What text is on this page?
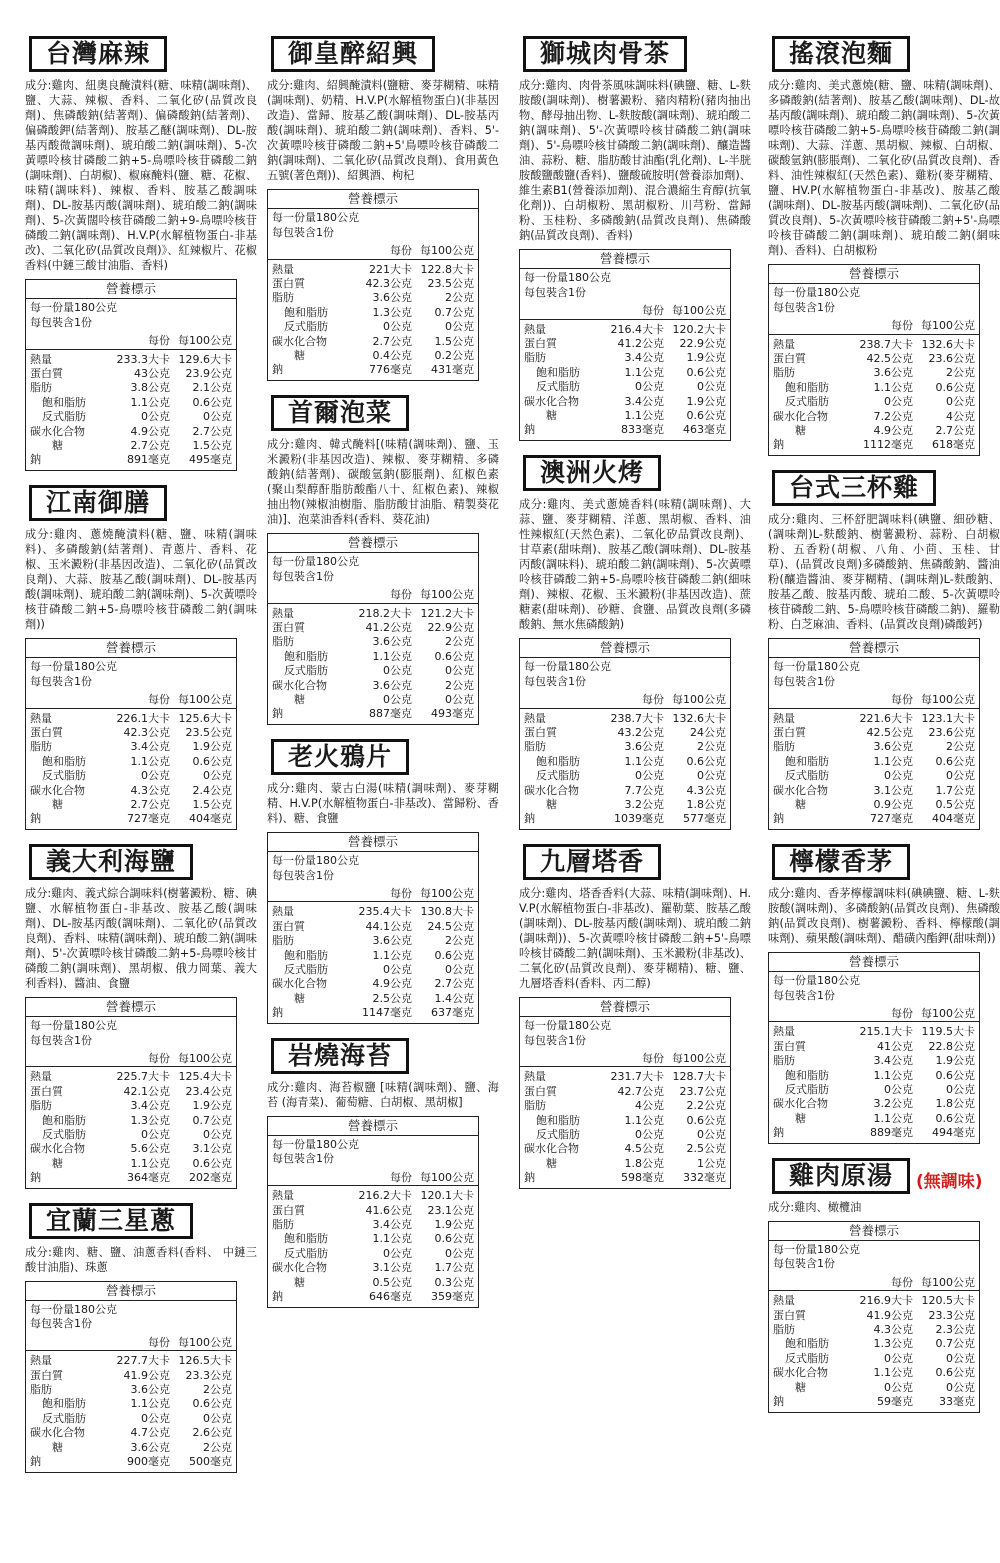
台灣麻辣
成分:雞肉、紐奧良醃漬料(糖、味精(調味劑)、鹽、大蒜、辣椒、香料、二氧化矽(品質改良劑)、焦磷酸鈉(結著劑)、偏磷酸鈉(結著劑)、偏磷酸鉀(結著劑)、胺基乙醚(調味劑)、DL-胺基丙酸微調味劑)、琥珀酸二鈉(調味劑)、5-次黃嘌呤核甘磷酸二鈉+5-鳥嘌呤核苷磷酸二鈉(調味劑)、白胡椒)、椒麻醃料(鹽、糖、花椒、味精(調味料)、辣椒、香料、胺基乙酸調味劑)、DL-胺基丙酸(調味劑)、琥珀酸二鈉(調味劑)、5-次黃闊呤核苷磷酸二鈉+9-鳥嘌呤核苷磷酸二鈉(調味劑)、H.V.P(水解植物蛋白-非基改)、二氧化矽(品質改良劑)》、紅辣椒片、花椒香料(中鏈三酸甘油脂、香料)
營養標示		
每一份量180公克		
每包裝含1份		
	每份	每100公克
熱量	233.3大卡	129.6大卡
蛋白質	43公克	23.9公克
脂肪	3.8公克	2.1公克
飽和脂肪	1.1公克	0.6公克
反式脂肪	0公克	0公克
碳水化合物	4.9公克	2.7公克
糖	2.7公克	1.5公克
鈉	891毫克	495毫克
江南御膳
成分:雞肉、蔥燒醃漬料(糖、鹽、味精(調味料)、多磷酸鈉(結著劑)、青蔥片、香料、花椒、玉米澱粉(非基因改造)、二氧化矽(品質改良劑)、大蒜、胺基乙酸(調味劑)、DL-胺基丙酸(調味劑)、琥珀酸二鈉(調味劑)、5-次黃嘌呤核苷磷酸二鈉+5-鳥嘌呤核苷磷酸二鈉(調味劑))
營養標示		
每一份量180公克		
每包裝含1份		
	每份	每100公克
熱量	226.1大卡	125.6大卡
蛋白質	42.3公克	23.5公克
脂肪	3.4公克	1.9公克
飽和脂肪	1.1公克	0.6公克
反式脂肪	0公克	0公克
碳水化合物	4.3公克	2.4公克
糖	2.7公克	1.5公克
鈉	727毫克	404毫克
義大利海鹽
成分:雞肉、義式綜合調味料(樹薯澱粉、糖、碘鹽、水解植物蛋白-非基改、胺基乙酸(調味劑)、DL-胺基丙酸(調味劑)、二氧化矽(品質改良劑)、香料、味精(調味劑)、琥珀酸二鈉(調味劑)、5'-次黃嘌呤核甘磷酸二鈉+5-鳥嘌呤核甘磷酸二鈉(調味劑)、黑胡椒、俄力岡葉、義大利香料)、醬油、食鹽
營養標示		
每一份量180公克		
每包裝含1份		
	每份	每100公克
熱量	225.7大卡	125.4大卡
蛋白質	42.1公克	23.4公克
脂肪	3.4公克	1.9公克
飽和脂肪	1.3公克	0.7公克
反式脂肪	0公克	0公克
碳水化合物	5.6公克	3.1公克
糖	1.1公克	0.6公克
鈉	364毫克	202毫克
宜蘭三星蔥
成分:雞肉、糖、鹽、油蔥香料(香料、 中鏈三酸甘油脂)、珠蔥
營養標示		
每一份量180公克		
每包裝含1份		
	每份	每100公克
熱量	227.7大卡	126.5大卡
蛋白質	41.9公克	23.3公克
脂肪	3.6公克	2公克
飽和脂肪	1.1公克	0.6公克
反式脂肪	0公克	0公克
碳水化合物	4.7公克	2.6公克
糖	3.6公克	2公克
鈉	900毫克	500毫克
御皇醉紹興
成分:雞肉、紹興醃漬料(鹽糖、麥芽糊精、味精(調味劑)、奶精、H.V.P(水解植物蛋白)(非基因改造)、當歸、胺基乙酸(調味劑)、DL-胺基丙酸(調味劑)、琥珀酸二鈉(調味劑)、香料、5'-次黃嘌呤核苷磷酸二鈉+5'鳥嘌呤核苷磷酸二鈉(調味劑)、二氧化矽(品質改良劑)、食用黃色五號(著色劑))、紹興酒、枸杞
營養標示		
每一份量180公克		
每包裝含1份		
	每份	每100公克
熱量	221大卡	122.8大卡
蛋白質	42.3公克	23.5公克
脂肪	3.6公克	2公克
飽和脂肪	1.3公克	0.7公克
反式脂肪	0公克	0公克
碳水化合物	2.7公克	1.5公克
糖	0.4公克	0.2公克
鈉	776毫克	431毫克
首爾泡菜
成分:雞肉、韓式醃料[(味精(調味劑)、鹽、玉米澱粉(非基因改造)、辣椒、麥芽糊精、多磷酸鈉(結著劑)、碳酸氫鈉(膨脹劑)、紅椒色素(聚山梨醇酐脂肪酸酯八十、紅椒色素)、辣椒抽出物(辣椒油樹脂、脂肪酸甘油脂、精製葵花油)]、泡菜油香料(香料、葵花油)
營養標示		
每一份量180公克		
每包裝含1份		
	每份	每100公克
熱量	218.2大卡	121.2大卡
蛋白質	41.2公克	22.9公克
脂肪	3.6公克	2公克
飽和脂肪	1.1公克	0.6公克
反式脂肪	0公克	0公克
碳水化合物	3.6公克	2公克
糖	0公克	0公克
鈉	887毫克	493毫克
老火鴉片
成分:雞肉、蒙古白湯(味精(調味劑)、麥芽糊精、H.V.P(水解植物蛋白-非基改)、當歸粉、香料)、糖、食鹽
營養標示		
每一份量180公克		
每包裝含1份		
	每份	每100公克
熱量	235.4大卡	130.8大卡
蛋白質	44.1公克	24.5公克
脂肪	3.6公克	2公克
飽和脂肪	1.1公克	0.6公克
反式脂肪	0公克	0公克
碳水化合物	4.9公克	2.7公克
糖	2.5公克	1.4公克
鈉	1147毫克	637毫克
岩燒海苔
成分:雞肉、海苔椒鹽 [味精(調味劑)、鹽、海苔 (海青菜)、葡萄糖、白胡椒、黑胡椒]
營養標示		
每一份量180公克		
每包裝含1份		
	每份	每100公克
熱量	216.2大卡	120.1大卡
蛋白質	41.6公克	23.1公克
脂肪	3.4公克	1.9公克
飽和脂肪	1.1公克	0.6公克
反式脂肪	0公克	0公克
碳水化合物	3.1公克	1.7公克
糖	0.5公克	0.3公克
鈉	646毫克	359毫克
獅城肉骨茶
成分:雞肉、肉骨茶風味調味料(碘鹽、糖、L-麩胺酸(調味劑)、樹薯澱粉、豬肉精粉(豬肉抽出物、酵母抽出物、L-麩胺酸(調味劑)、琥珀酸二鈉(調味劑)、5'-次黃嘌呤核甘磷酸二鈉(調味劑)、5'-鳥嘌呤核甘磷酸二鈉(調味劑)、釀造醬油、蒜粉、糖、脂肪酸甘油酯(乳化劑)、L-半胱胺酸鹽酸鹽(香料)、鹽酸硫胺明(營養添加劑)、維生素B1(營養添加劑)、混合濃縮生育醇(抗氧化劑))、白胡椒粉、黑胡椒粉、川芎粉、當歸粉、玉桂粉、多磷酸鈉(品質改良劑)、焦磷酸鈉(品質改良劑)、香料)
營養標示		
每一份量180公克		
每包裝含1份		
	每份	每100公克
熱量	216.4大卡	120.2大卡
蛋白質	41.2公克	22.9公克
脂肪	3.4公克	1.9公克
飽和脂肪	1.1公克	0.6公克
反式脂肪	0公克	0公克
碳水化合物	3.4公克	1.9公克
糖	1.1公克	0.6公克
鈉	833毫克	463毫克
澳洲火烤
成分:雞肉、美式蔥燒香料(味精(調味劑)、大蒜、鹽、麥芽糊精、洋蔥、黑胡椒、香料、油性辣椒紅(天然色素)、二氧化矽品質改良劑)、甘草素(甜味劑)、胺基乙酸(調味劑)、DL-胺基丙酸(調味料)、琥珀酸二鈉(調味劑)、5-次黃嘌呤核苷磷酸二鈉+5-鳥嘌呤核苷磷酸二鈉(細味劑)、辣椒、花椒、玉米澱粉(非基因改造)、蔗糖素(甜味劑)、砂糖、食鹽、品質改良劑(多磷酸鈉、無水焦磷酸鈉)
營養標示		
每一份量180公克		
每包裝含1份		
	每份	每100公克
熱量	238.7大卡	132.6大卡
蛋白質	43.2公克	24公克
脂肪	3.6公克	2公克
飽和脂肪	1.1公克	0.6公克
反式脂肪	0公克	0公克
碳水化合物	7.7公克	4.3公克
糖	3.2公克	1.8公克
鈉	1039毫克	577毫克
九層塔香
成分:雞肉、塔香香料(大蒜、味精(調味劑)、H.V.P(水解植物蛋白-非基改)、羅勒葉、胺基乙酸(調味劑)、DL-胺基丙酸(調味劑)、琥珀酸二鈉(調味劑))、5-次黃嘌呤核甘磷酸二鈉+5'-鳥嘌呤核甘磷酸二鈉(調味劑)、玉米澱粉(非基改)、二氧化矽(品質改良劑)、麥芽糊精)、糖、鹽、九層塔香料(香料、丙二醇)
營養標示		
每一份量180公克		
每包裝含1份		
	每份	每100公克
熱量	231.7大卡	128.7大卡
蛋白質	42.7公克	23.7公克
脂肪	4公克	2.2公克
飽和脂肪	1.1公克	0.6公克
反式脂肪	0公克	0公克
碳水化合物	4.5公克	2.5公克
糖	1.8公克	1公克
鈉	598毫克	332毫克
搖滾泡麵
成分:雞肉、美式蔥燒(糖、鹽、味精(調味劑)、多磷酸鈉(結著劑)、胺基乙酸(調味劑)、DL-故基丙酸(調味劑)、琥珀酸二鈉(調味劑)、5-次黃嘌呤核苷磷酸二鈉+5-鳥嘌呤核苷磷酸二鈉(調味劑)、大蒜、洋蔥、黑胡椒、辣椒、白胡椒、碳酸氫鈉(膨脹劑)、二氧化矽(品質改良劑)、香料、油性辣椒紅(天然色素)、雞粉(麥芽糊精、鹽、HV.P(水解植物蛋白-非基改)、胺基乙酸(調味劑)、DL-胺基丙酸(調味劑)、二氧化矽(品質改良劑)、5-次黃嘌呤核苷磷酸二鈉+5'-鳥嘌呤核苷磷酸二鈉(調味劑)、琥珀酸二鈉(網味劑)、香料)、白胡椒粉
營養標示		
每一份量180公克		
每包裝含1份		
	每份	每100公克
熱量	238.7大卡	132.6大卡
蛋白質	42.5公克	23.6公克
脂肪	3.6公克	2公克
飽和脂肪	1.1公克	0.6公克
反式脂肪	0公克	0公克
碳水化合物	7.2公克	4公克
糖	4.9公克	2.7公克
鈉	1112毫克	618毫克
台式三杯雞
成分:雞肉、三杯舒肥調味料(碘鹽、細砂糖、(調味劑)L-麩酸鈉、樹薯澱粉、蒜粉、白胡椒粉、五香粉(胡椒、八角、小茴、玉桂、甘草)、(品質改良劑)多磷酸鈉、焦磷酸鈉、醬油粉(釀造醬油、麥芽糊精、(調味劑)L-麩酸鈉、胺基乙酸、胺基丙酸、琥珀二酸、5-次黃嘌呤核苷磷酸二鈉、5-鳥嘌呤核苷磷酸二鈉)、羅勒粉、白芝麻油、香料、(品質改良劑)磷酸鈣)
營養標示		
每一份量180公克		
每包裝含1份		
	每份	每100公克
熱量	221.6大卡	123.1大卡
蛋白質	42.5公克	23.6公克
脂肪	3.6公克	2公克
飽和脂肪	1.1公克	0.6公克
反式脂肪	0公克	0公克
碳水化合物	3.1公克	1.7公克
糖	0.9公克	0.5公克
鈉	727毫克	404毫克
檸檬香茅
成分:雞肉、香茅檸檬調味料(碘碘鹽、糖、L-麩胺酸(調味劑)、多磷酸鈉(品質改良劑)、焦磷酸鈉(品質改良劑)、樹薯澱粉、香料、檸檬酸(調味劑)、蘋果酸(調味劑)、醋磺內酯鉀(甜味劑))
營養標示		
每一份量180公克		
每包裝含1份		
	每份	每100公克
熱量	215.1大卡	119.5大卡
蛋白質	41公克	22.8公克
脂肪	3.4公克	1.9公克
飽和脂肪	1.1公克	0.6公克
反式脂肪	0公克	0公克
碳水化合物	3.2公克	1.8公克
糖	1.1公克	0.6公克
鈉	889毫克	494毫克
雞肉原湯 (無調味)
成分:雞肉、橄欖油
營養標示		
每一份量180公克		
每包裝含1份		
	每份	每100公克
熱量	216.9大卡	120.5大卡
蛋白質	41.9公克	23.3公克
脂肪	4.3公克	2.3公克
飽和脂肪	1.3公克	0.7公克
反式脂肪	0公克	0公克
碳水化合物	1.1公克	0.6公克
糖	0公克	0公克
鈉	59毫克	33毫克
